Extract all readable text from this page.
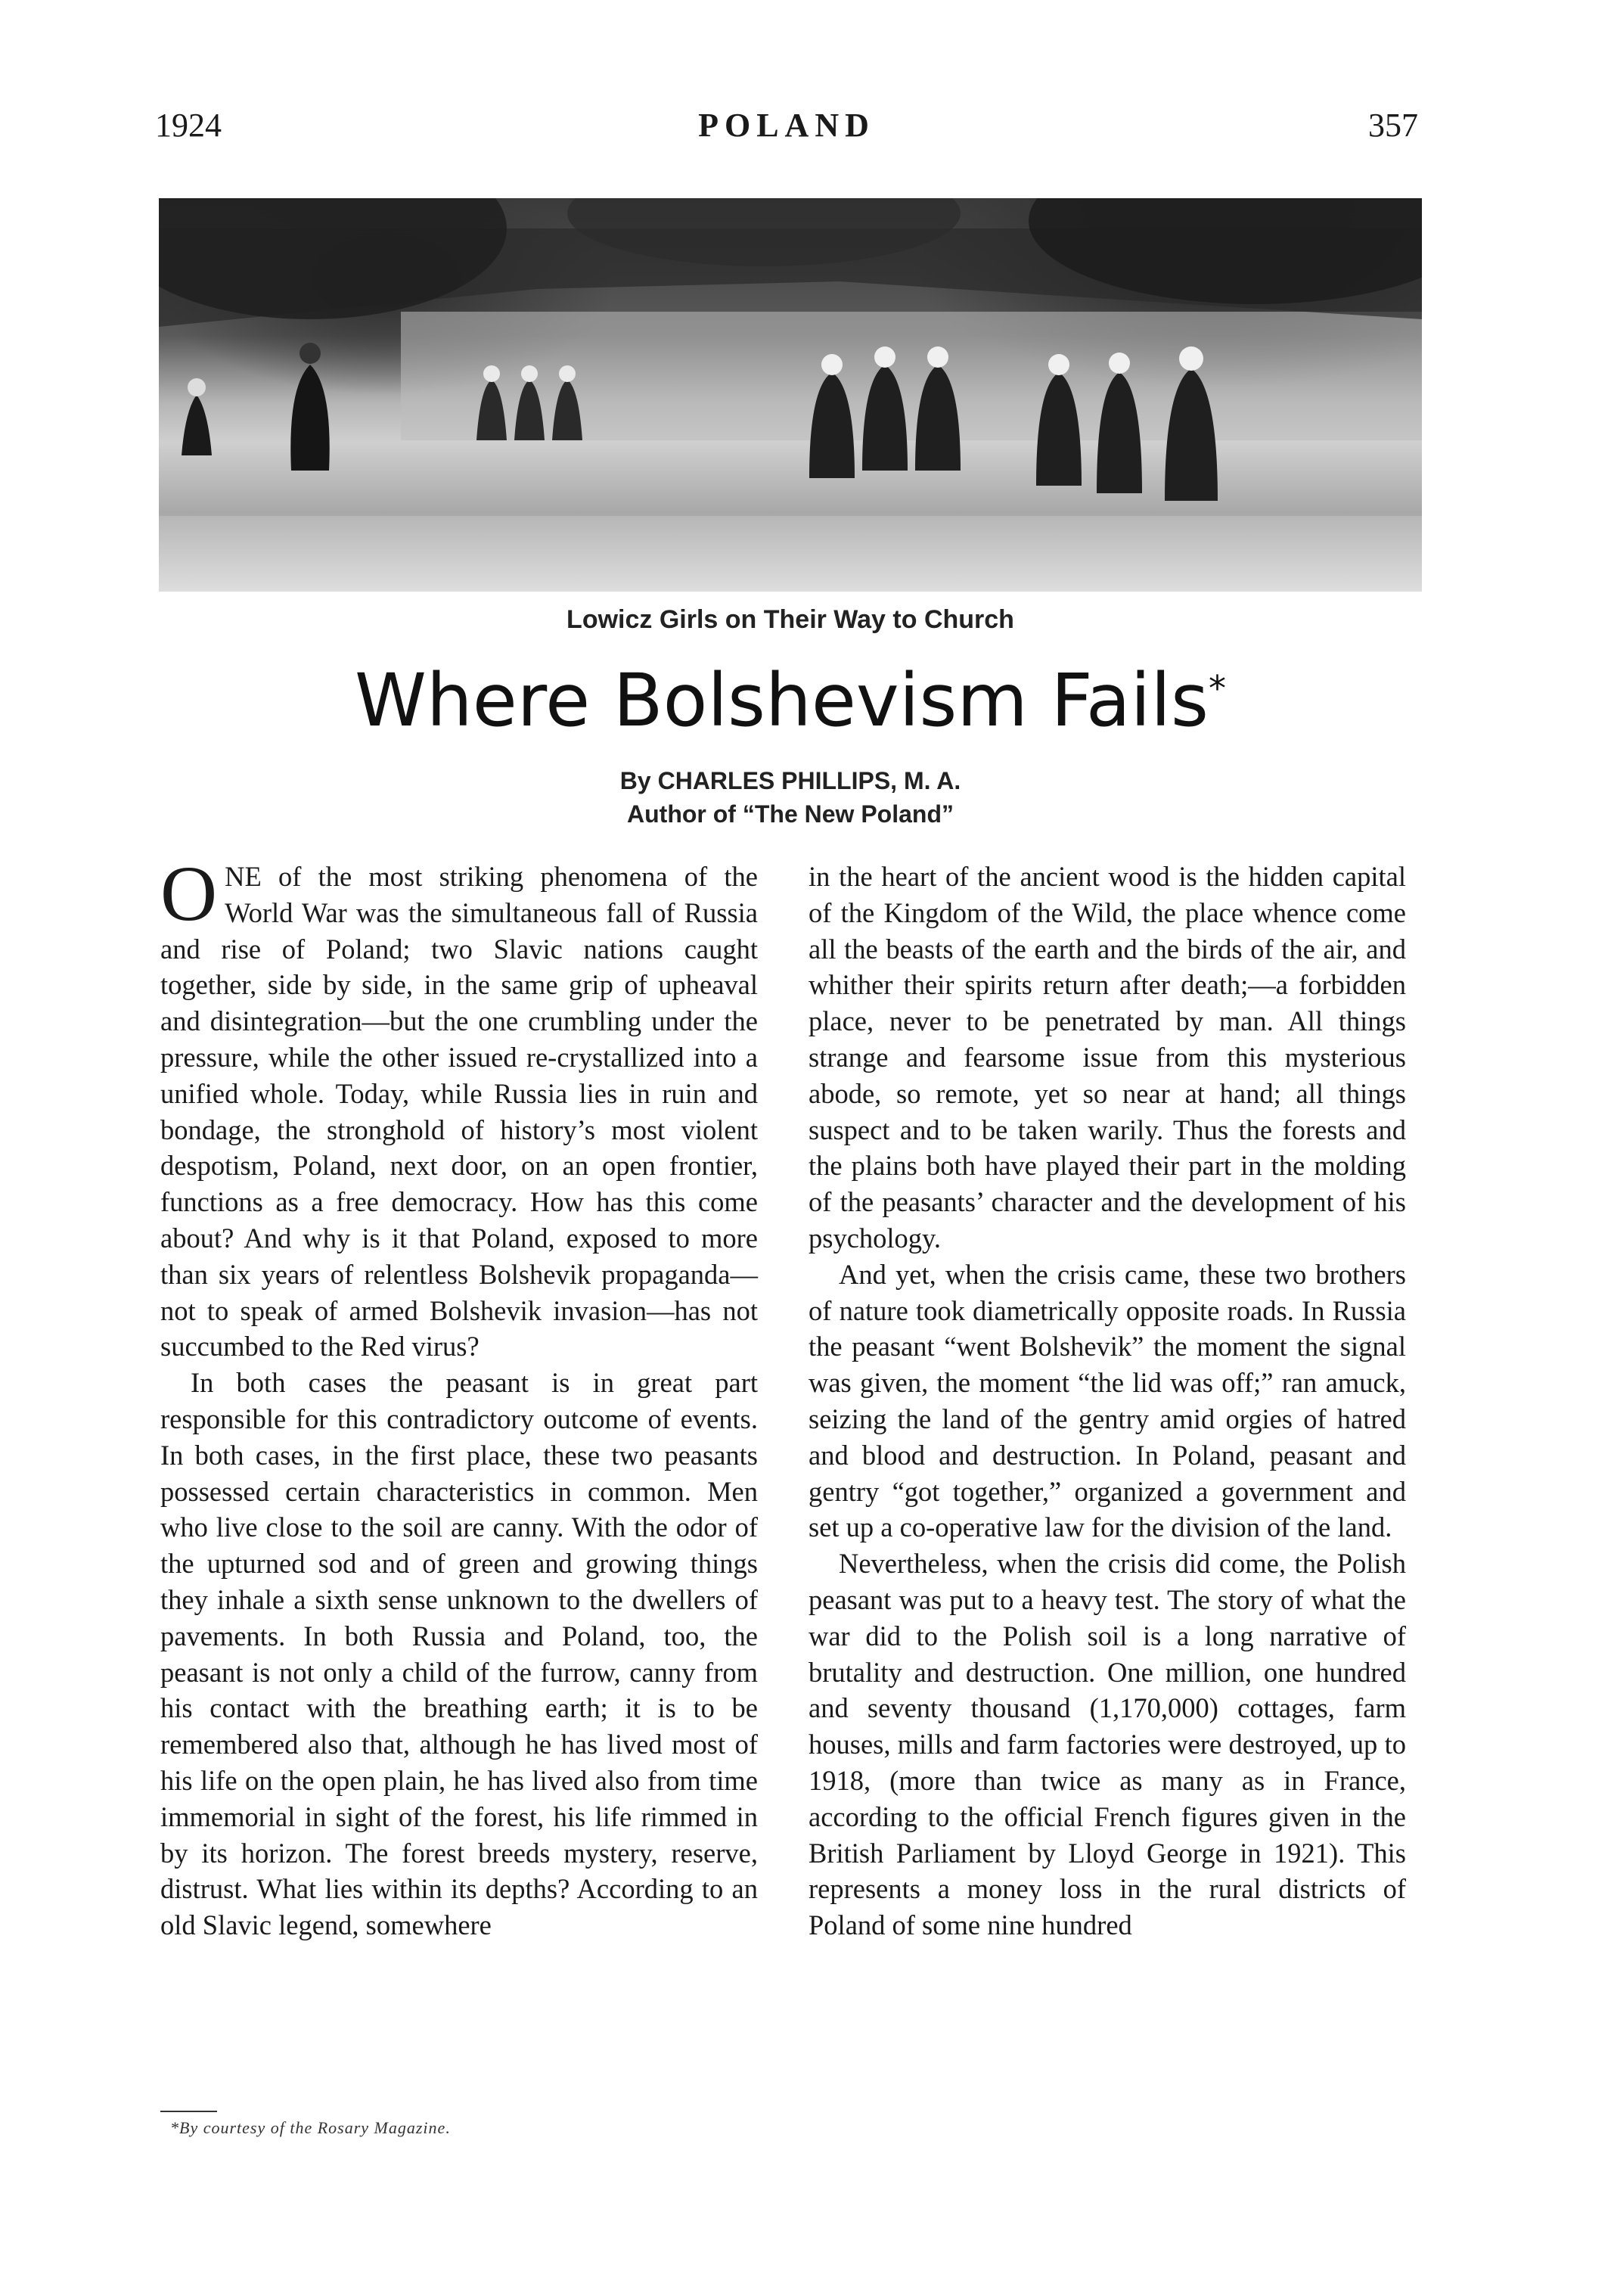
1924	POLAND	357
Lowicz Girls on Their Way to Church
Where Bolshevism Fails*
By CHARLES PHILLIPS, M. A.
Author of “The New Poland”

ONE of the most striking phenomena of the World War was the simultaneous fall of Russia and rise of Poland; two Slavic nations caught together, side by side, in the same grip of upheaval and disintegration—but the one crumbling under the pressure, while the other issued re-crystallized into a unified whole. Today, while Russia lies in ruin and bondage, the stronghold of history’s most violent despotism, Poland, next door, on an open frontier, functions as a free democracy. How has this come about? And why is it that Poland, exposed to more than six years of relentless Bolshevik propaganda—not to speak of armed Bolshevik invasion—has not succumbed to the Red virus?

In both cases the peasant is in great part responsible for this contradictory outcome of events. In both cases, in the first place, these two peasants possessed certain characteristics in common. Men who live close to the soil are canny. With the odor of the upturned sod and of green and growing things they inhale a sixth sense unknown to the dwellers of pavements. In both Russia and Poland, too, the peasant is not only a child of the furrow, canny from his contact with the breathing earth; it is to be remembered also that, although he has lived most of his life on the open plain, he has lived also from time immemorial in sight of the forest, his life rimmed in by its horizon. The forest breeds mystery, reserve, distrust. What lies within its depths? According to an old Slavic legend, somewhere

in the heart of the ancient wood is the hidden capital of the Kingdom of the Wild, the place whence come all the beasts of the earth and the birds of the air, and whither their spirits return after death;—a forbidden place, never to be penetrated by man. All things strange and fearsome issue from this mysterious abode, so remote, yet so near at hand; all things suspect and to be taken warily. Thus the forests and the plains both have played their part in the molding of the peasants’ character and the development of his psychology.

And yet, when the crisis came, these two brothers of nature took diametrically opposite roads. In Russia the peasant “went Bolshevik” the moment the signal was given, the moment “the lid was off;” ran amuck, seizing the land of the gentry amid orgies of hatred and blood and destruction. In Poland, peasant and gentry “got together,” organized a government and set up a co-operative law for the division of the land.

Nevertheless, when the crisis did come, the Polish peasant was put to a heavy test. The story of what the war did to the Polish soil is a long narrative of brutality and destruction. One million, one hundred and seventy thousand (1,170,000) cottages, farm houses, mills and farm factories were destroyed, up to 1918, (more than twice as many as in France, according to the official French figures given in the British Parliament by Lloyd George in 1921). This represents a money loss in the rural districts of Poland of some nine hundred

*By courtesy of the Rosary Magazine.
